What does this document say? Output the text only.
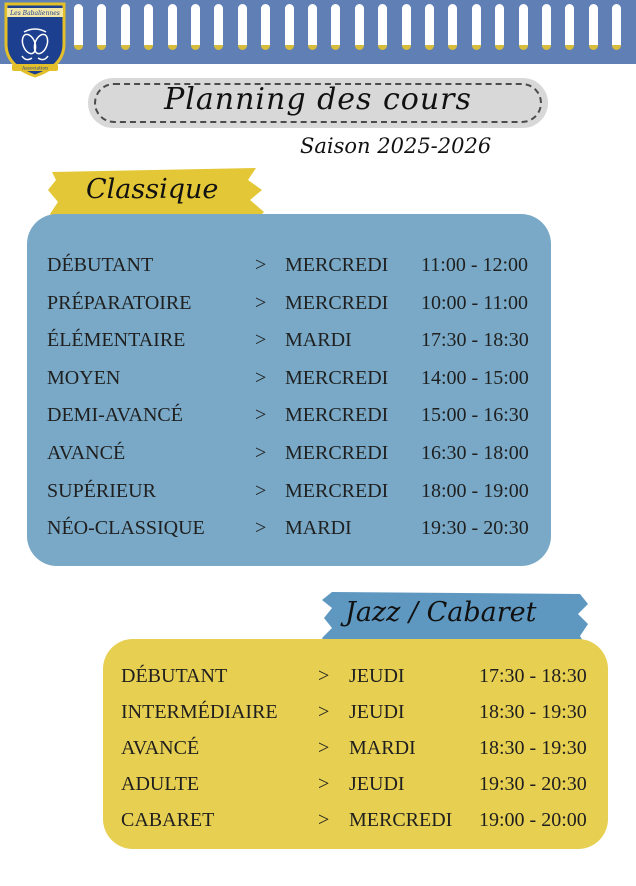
Les Babaliennes
Association
Planning des cours
Saison 2025-2026
Classique
DÉBUTANT	> MERCREDI 11:00 - 12:00
PRÉPARATOIRE	> MERCREDI 10:00 - 11:00
ÉLÉMENTAIRE	> MARDI	17:30 - 18:30
MOYEN	> MERCREDI 14:00 - 15:00
DEMI-AVANCÉ	> MERCREDI 15:00 - 16:30
AVANCÉ	> MERCREDI 16:30 - 18:00
SUPÉRIEUR	> MERCREDI 18:00 - 19:00
NÉO-CLASSIQUE	> MARDI	19:30 - 20:30
Jazz / Cabaret
DÉBUTANT	> JEUDI	17:30 - 18:30
INTERMÉDIAIRE > JEUDI	18:30 - 19:30
AVANCÉ	> MARDI	18:30 - 19:30
ADULTE	> JEUDI	19:30 - 20:30
CABARET	> MERCREDI 19:00 - 20:00
